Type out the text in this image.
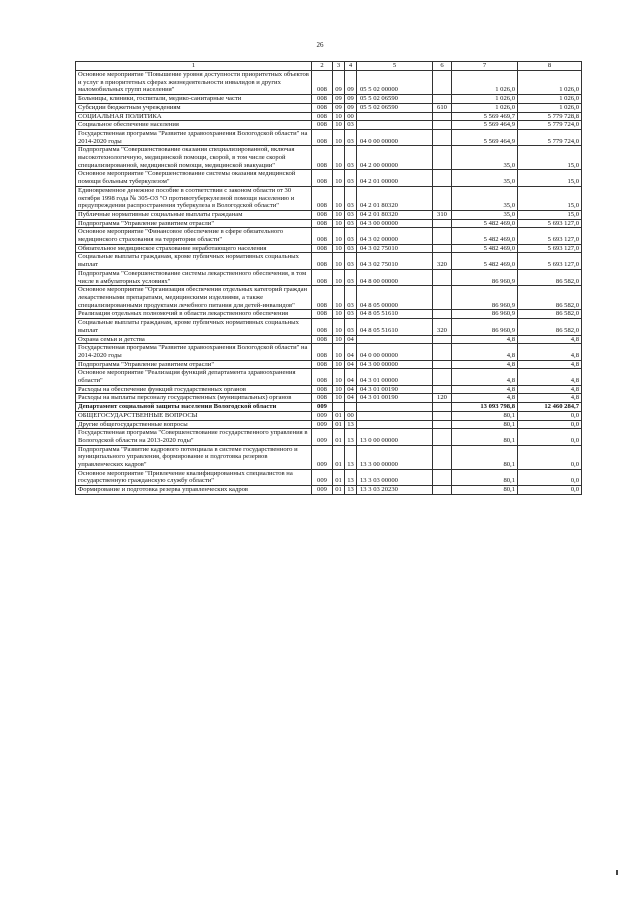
26
1	2	3	4	5	6	7	8
Основное мероприятие "Повышение уровня доступности приоритетных объектов и услуг в приоритетных сферах жизнедеятельности инвалидов и других маломобильных групп населения"	008	09	09	05 5 02 00000		1 026,0	1 026,0
Больницы, клиники, госпитали, медико-санитарные части	008	09	09	05 5 02 06590		1 026,0	1 026,0
Субсидии бюджетным учреждениям	008	09	09	05 5 02 06590	610	1 026,0	1 026,0
СОЦИАЛЬНАЯ ПОЛИТИКА	008	10	00			5 569 469,7	5 779 728,8
Социальное обеспечение населения	008	10	03			5 569 464,9	5 779 724,0
Государственная программа "Развитие здравоохранения Вологодской области" на 2014-2020 годы	008	10	03	04 0 00 00000		5 569 464,9	5 779 724,0
Подпрограмма "Совершенствование оказания специализированной, включая высокотехнологичную, медицинской помощи, скорой, в том числе скорой специализированной, медицинской помощи, медицинской эвакуации"	008	10	03	04 2 00 00000		35,0	15,0
Основное мероприятие "Совершенствование системы оказания медицинской помощи больным туберкулезом"	008	10	03	04 2 01 00000		35,0	15,0
Единовременное денежное пособие в соответствии с законом области от 30 октября 1998 года № 305-ОЗ "О противотуберкулезной помощи населению и предупреждении распространения туберкулеза в Вологодской области"	008	10	03	04 2 01 80320		35,0	15,0
Публичные нормативные социальные выплаты гражданам	008	10	03	04 2 01 80320	310	35,0	15,0
Подпрограмма "Управление развитием отрасли"	008	10	03	04 3 00 00000		5 482 469,0	5 693 127,0
Основное мероприятие "Финансовое обеспечение в сфере обязательного медицинского страхования на территории области"	008	10	03	04 3 02 00000		5 482 469,0	5 693 127,0
Обязательное медицинское страхование неработающего населения	008	10	03	04 3 02 75010		5 482 469,0	5 693 127,0
Социальные выплаты гражданам, кроме публичных нормативных социальных выплат	008	10	03	04 3 02 75010	320	5 482 469,0	5 693 127,0
Подпрограмма "Совершенствование системы лекарственного обеспечения, в том числе в амбулаторных условиях"	008	10	03	04 8 00 00000		86 960,9	86 582,0
Основное мероприятие "Организация обеспечения отдельных категорий граждан лекарственными препаратами, медицинскими изделиями, а также специализированными продуктами лечебного питания для детей-инвалидов"	008	10	03	04 8 05 00000		86 960,9	86 582,0
Реализация отдельных полномочий в области лекарственного обеспечения	008	10	03	04 8 05 51610		86 960,9	86 582,0
Социальные выплаты гражданам, кроме публичных нормативных социальных выплат	008	10	03	04 8 05 51610	320	86 960,9	86 582,0
Охрана семьи и детства	008	10	04			4,8	4,8
Государственная программа "Развитие здравоохранения Вологодской области" на 2014-2020 годы	008	10	04	04 0 00 00000		4,8	4,8
Подпрограмма "Управление развитием отрасли"	008	10	04	04 3 00 00000		4,8	4,8
Основное мероприятие "Реализация функций департамента здравоохранения области"	008	10	04	04 3 01 00000		4,8	4,8
Расходы на обеспечение функций государственных органов	008	10	04	04 3 01 00190		4,8	4,8
Расходы на выплаты персоналу государственных (муниципальных) органов	008	10	04	04 3 01 00190	120	4,8	4,8
Департамент социальной защиты населения Вологодской области	009					13 093 798,8	12 460 284,7
ОБЩЕГОСУДАРСТВЕННЫЕ ВОПРОСЫ	009	01	00			80,1	0,0
Другие общегосударственные вопросы	009	01	13			80,1	0,0
Государственная программа "Совершенствование государственного управления в Вологодской области на 2013-2020 годы"	009	01	13	13 0 00 00000		80,1	0,0
Подпрограмма "Развитие кадрового потенциала в системе государственного и муниципального управления, формирование и подготовка резервов управленческих кадров"	009	01	13	13 3 00 00000		80,1	0,0
Основное мероприятие "Привлечение квалифицированных специалистов на государственную гражданскую службу области"	009	01	13	13 3 03 00000		80,1	0,0
Формирование и подготовка резерва управленческих кадров	009	01	13	13 3 03 20230		80,1	0,0
